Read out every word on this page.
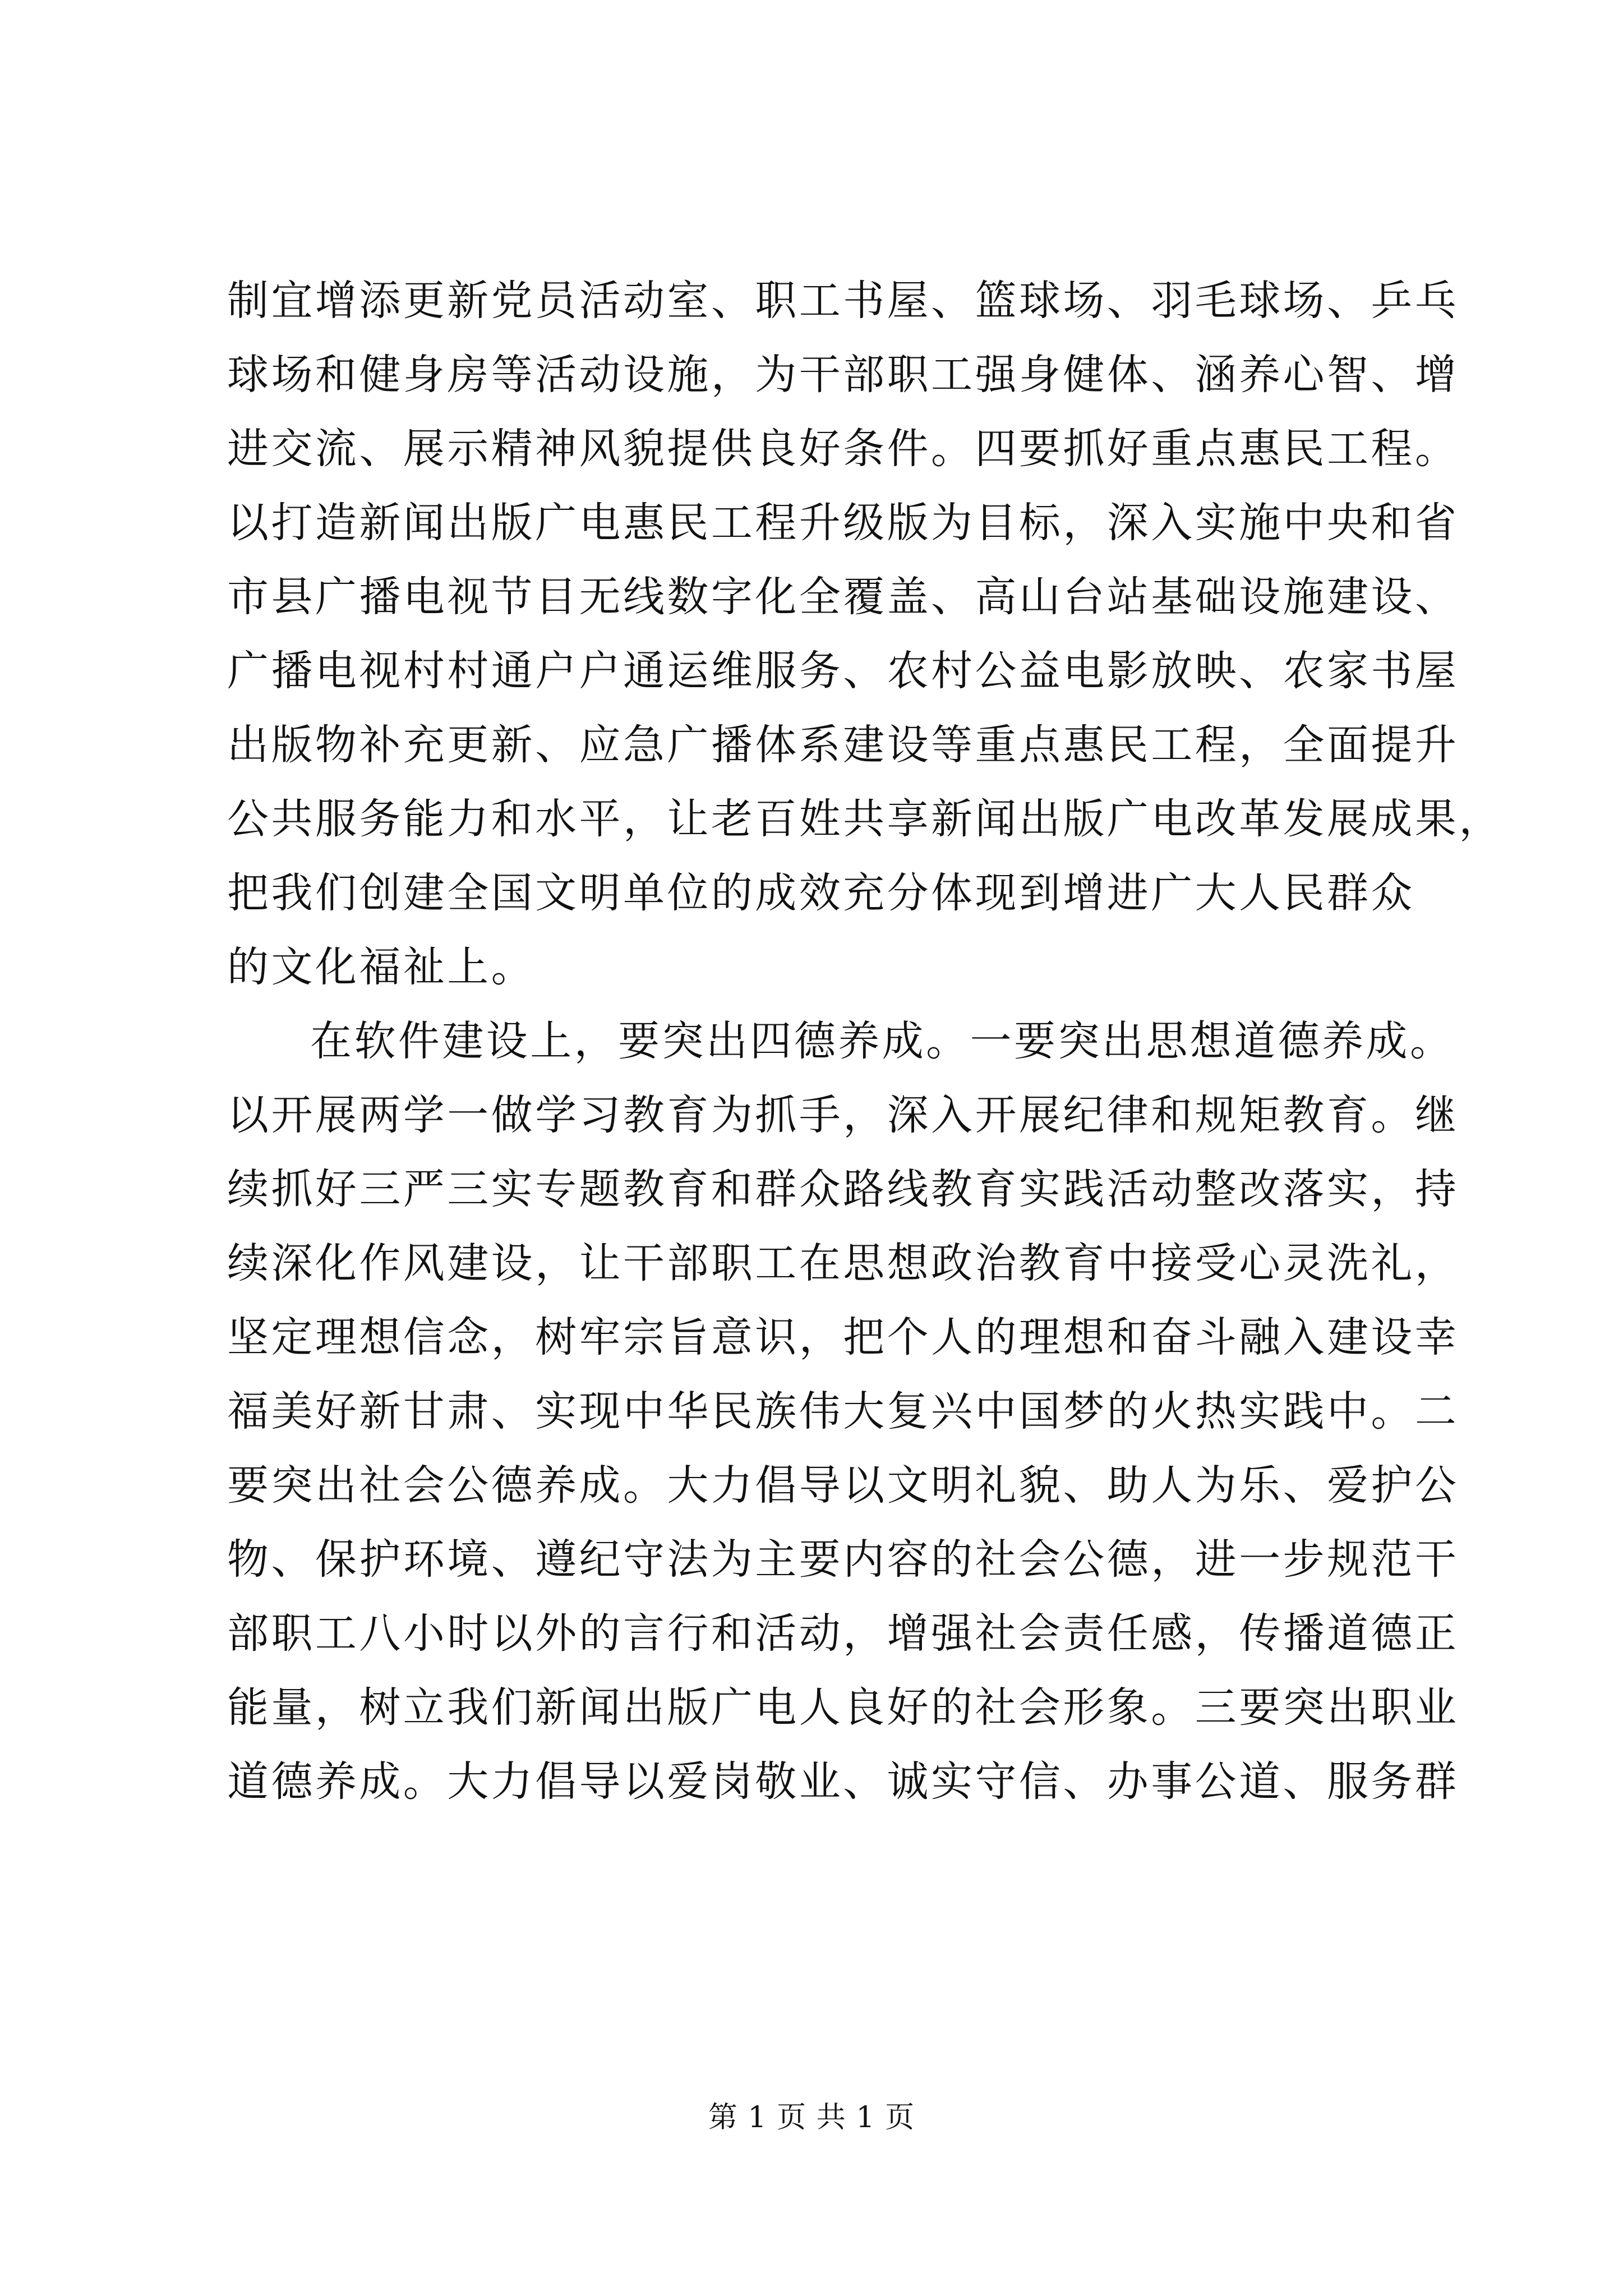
制宜增添更新党员活动室、职工书屋、篮球场、羽毛球场、乒乓
球场和健身房等活动设施，为干部职工强身健体、涵养心智、增
进交流、展示精神风貌提供良好条件。四要抓好重点惠民工程。
以打造新闻出版广电惠民工程升级版为目标，深入实施中央和省
市县广播电视节目无线数字化全覆盖、高山台站基础设施建设、
广播电视村村通户户通运维服务、农村公益电影放映、农家书屋
出版物补充更新、应急广播体系建设等重点惠民工程，全面提升
公共服务能力和水平，让老百姓共享新闻出版广电改革发展成果，
把我们创建全国文明单位的成效充分体现到增进广大人民群众
的文化福祉上。
在软件建设上，要突出四德养成。一要突出思想道德养成。
以开展两学一做学习教育为抓手，深入开展纪律和规矩教育。继
续抓好三严三实专题教育和群众路线教育实践活动整改落实，持
续深化作风建设，让干部职工在思想政治教育中接受心灵洗礼，
坚定理想信念，树牢宗旨意识，把个人的理想和奋斗融入建设幸
福美好新甘肃、实现中华民族伟大复兴中国梦的火热实践中。二
要突出社会公德养成。大力倡导以文明礼貌、助人为乐、爱护公
物、保护环境、遵纪守法为主要内容的社会公德，进一步规范干
部职工八小时以外的言行和活动，增强社会责任感，传播道德正
能量，树立我们新闻出版广电人良好的社会形象。三要突出职业
道德养成。大力倡导以爱岗敬业、诚实守信、办事公道、服务群
第 1 页 共 1 页
